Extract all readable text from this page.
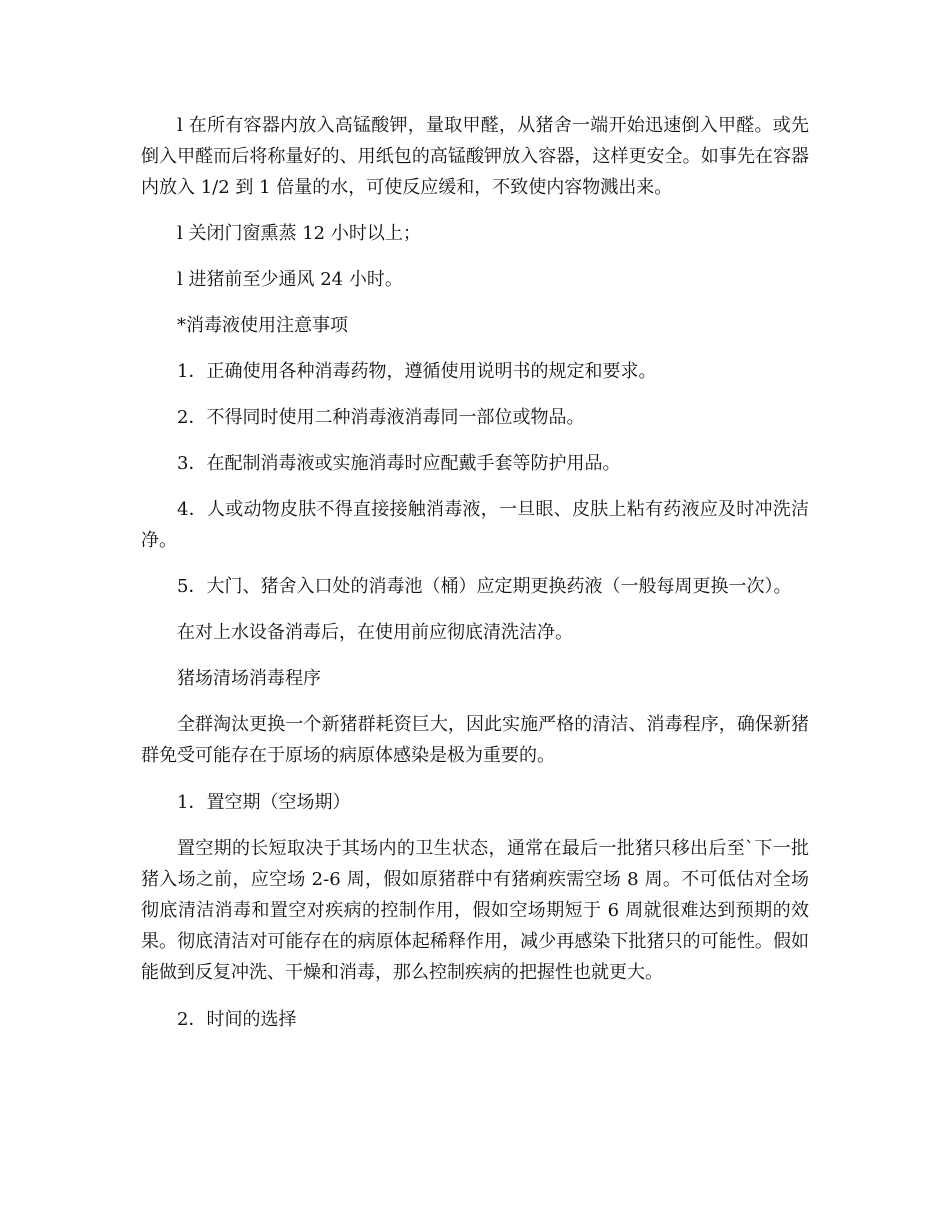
l 在所有容器内放入高锰酸钾，量取甲醛，从猪舍一端开始迅速倒入甲醛。或先倒入甲醛而后将称量好的、用纸包的高锰酸钾放入容器，这样更安全。如事先在容器内放入 1/2 到 1 倍量的水，可使反应缓和，不致使内容物溅出来。

l 关闭门窗熏蒸 12 小时以上；

l 进猪前至少通风 24 小时。

*消毒液使用注意事项

1．正确使用各种消毒药物，遵循使用说明书的规定和要求。

2．不得同时使用二种消毒液消毒同一部位或物品。

3．在配制消毒液或实施消毒时应配戴手套等防护用品。

4．人或动物皮肤不得直接接触消毒液，一旦眼、皮肤上粘有药液应及时冲洗洁净。

5．大门、猪舍入口处的消毒池（桶）应定期更换药液（一般每周更换一次）。

在对上水设备消毒后，在使用前应彻底清洗洁净。

猪场清场消毒程序

全群淘汰更换一个新猪群耗资巨大，因此实施严格的清洁、消毒程序，确保新猪群免受可能存在于原场的病原体感染是极为重要的。

1．置空期（空场期）

置空期的长短取决于其场内的卫生状态，通常在最后一批猪只移出后至`下一批猪入场之前，应空场 2-6 周，假如原猪群中有猪痢疾需空场 8 周。不可低估对全场彻底清洁消毒和置空对疾病的控制作用，假如空场期短于 6 周就很难达到预期的效果。彻底清洁对可能存在的病原体起稀释作用，减少再感染下批猪只的可能性。假如能做到反复冲洗、干燥和消毒，那么控制疾病的把握性也就更大。

2．时间的选择
